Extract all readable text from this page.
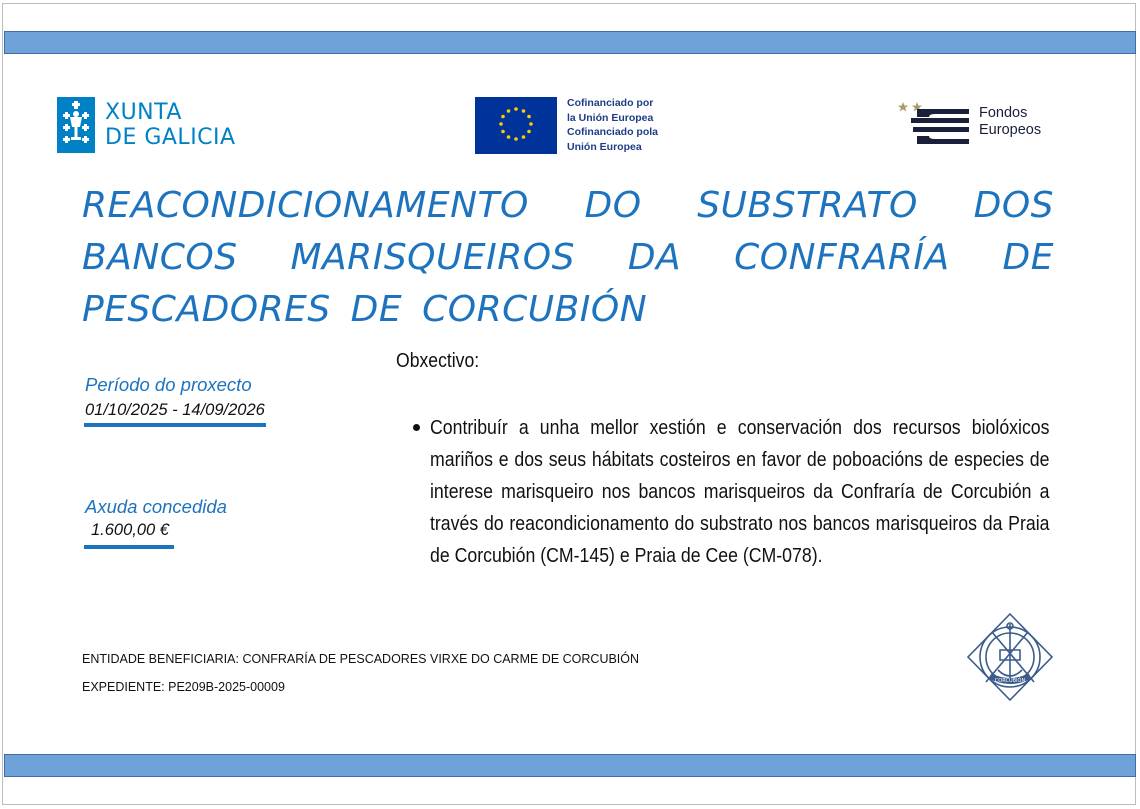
XUNTA
DE GALICIA
Cofinanciado por
la Unión Europea
Cofinanciado pola
Unión Europea
Fondos
Europeos
REACONDICIONAMENTO DO SUBSTRATO DOS BANCOS MARISQUEIROS DA CONFRARÍA DE PESCADORES DE CORCUBIÓN
Período do proxecto
01/10/2025 - 14/09/2026
Axuda concedida
1.600,00 €
Obxectivo:
Contribuír a unha mellor xestión e conservación dos recursos biolóxicos mariños e dos seus hábitats costeiros en favor de poboacións de especies de interese marisqueiro nos bancos marisqueiros da Confraría de Corcubión a través do reacondicionamento do substrato nos bancos marisqueiros da Praia de Corcubión (CM-145) e Praia de Cee (CM-078).
ENTIDADE BENEFICIARIA: CONFRARÍA DE PESCADORES VIRXE DO CARME DE CORCUBIÓN
EXPEDIENTE: PE209B-2025-00009	CORCUBIÓN
